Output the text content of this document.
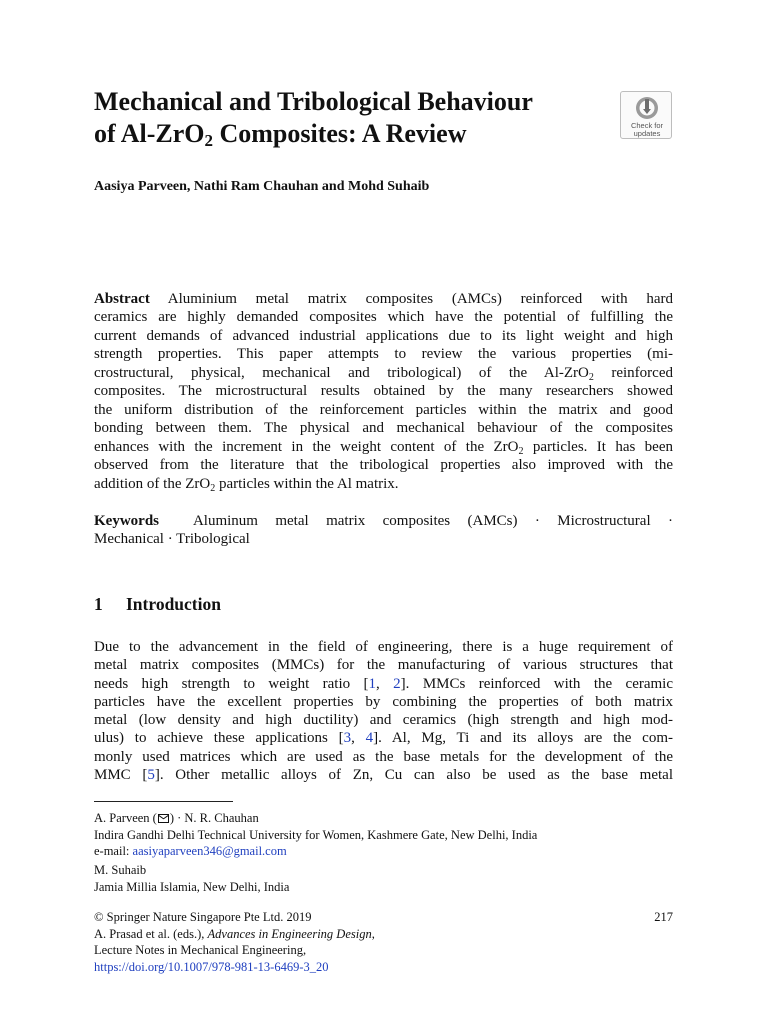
Mechanical and Tribological Behaviour
of Al-ZrO$_2$ Composites: A Review	Check for
updates

Aasiya Parveen, Nathi Ram Chauhan and Mohd Suhaib

Abstract Aluminium metal matrix composites (AMCs) reinforced with hard
ceramics are highly demanded composites which have the potential of fulfilling the
current demands of advanced industrial applications due to its light weight and high
strength properties. This paper attempts to review the various properties (mi-
crostructural, physical, mechanical and tribological) of the Al-ZrO$_2$ reinforced
composites. The microstructural results obtained by the many researchers showed
the uniform distribution of the reinforcement particles within the matrix and good
bonding between them. The physical and mechanical behaviour of the composites
enhances with the increment in the weight content of the ZrO$_2$ particles. It has been
observed from the literature that the tribological properties also improved with the
addition of the ZrO$_2$ particles within the Al matrix.
Keywords  Aluminum metal matrix composites (AMCs) · Microstructural ·
Mechanical · Tribological
1 Introduction
Due to the advancement in the field of engineering, there is a huge requirement of
metal matrix composites (MMCs) for the manufacturing of various structures that
needs high strength to weight ratio [1, 2]. MMCs reinforced with the ceramic
particles have the excellent properties by combining the properties of both matrix
metal (low density and high ductility) and ceramics (high strength and high mod-
ulus) to achieve these applications [3, 4]. Al, Mg, Ti and its alloys are the com-
monly used matrices which are used as the base metals for the development of the
MMC [5]. Other metallic alloys of Zn, Cu can also be used as the base metal
A. Parveen ( ) · N. R. Chauhan
Indira Gandhi Delhi Technical University for Women, Kashmere Gate, New Delhi, India
e-mail: aasiyaparveen346@gmail.com
M. Suhaib
Jamia Millia Islamia, New Delhi, India
© Springer Nature Singapore Pte Ltd. 2019
A. Prasad et al. (eds.), Advances in Engineering Design,
Lecture Notes in Mechanical Engineering,
https://doi.org/10.1007/978-981-13-6469-3_20

217
